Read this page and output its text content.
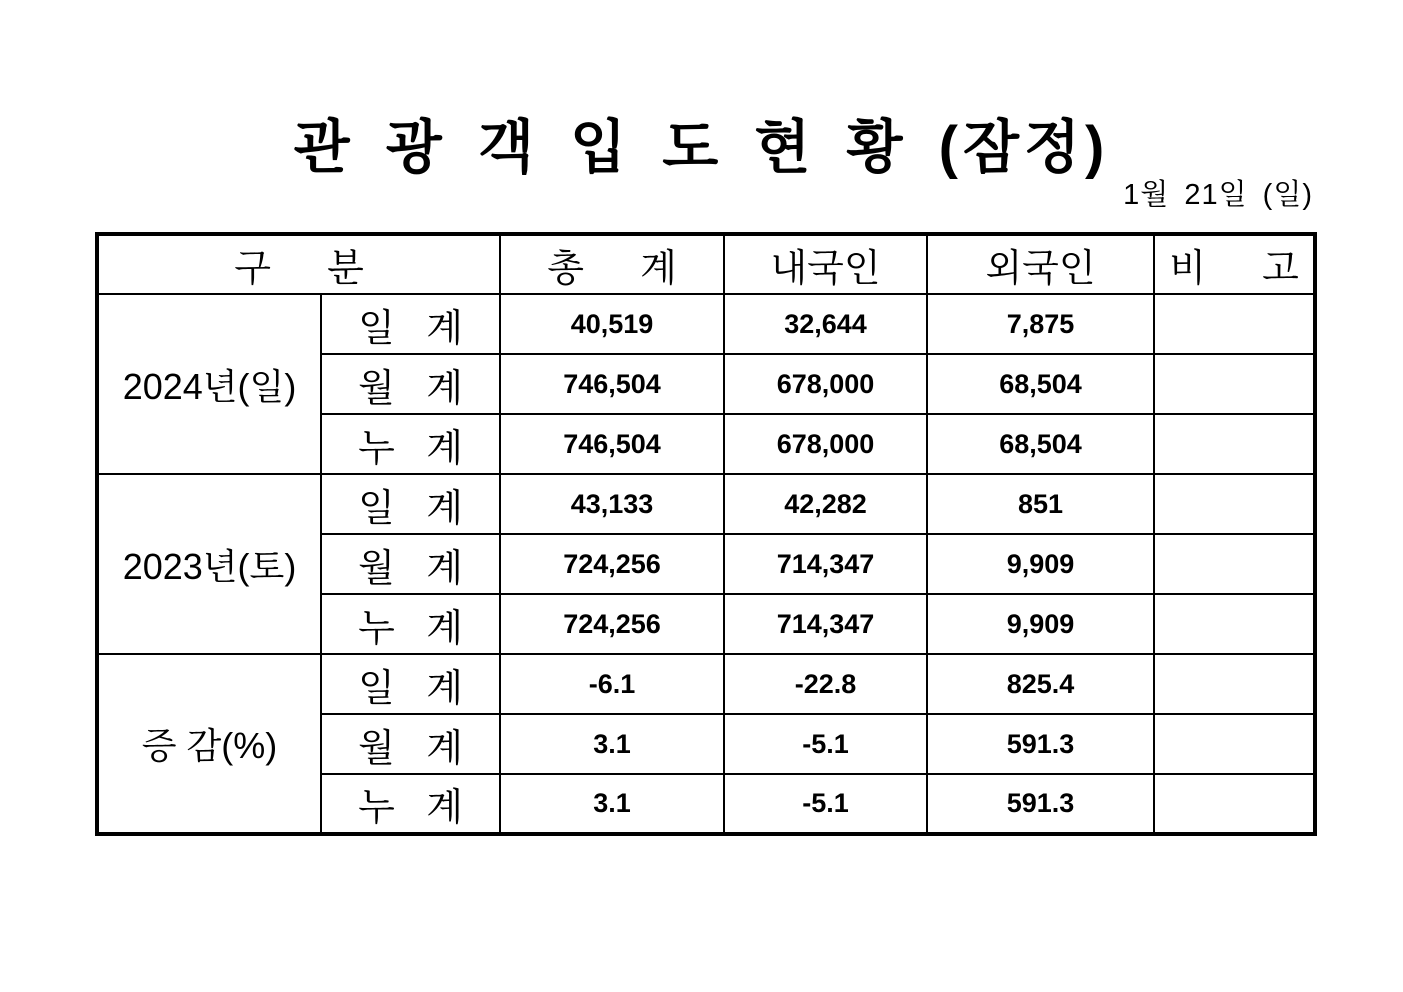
관 광 객 입 도 현 황 (잠정)
1월 21일 (일)
구 분		총 계	내국인	외국인	비 고
2024년(일)	일 계	40,519	32,644	7,875	
	월 계	746,504	678,000	68,504	
	누 계	746,504	678,000	68,504	
2023년(토)	일 계	43,133	42,282	851	
	월 계	724,256	714,347	9,909	
	누 계	724,256	714,347	9,909	
증 감(%)	일 계	-6.1	-22.8	825.4	
	월 계	3.1	-5.1	591.3	
	누 계	3.1	-5.1	591.3	
